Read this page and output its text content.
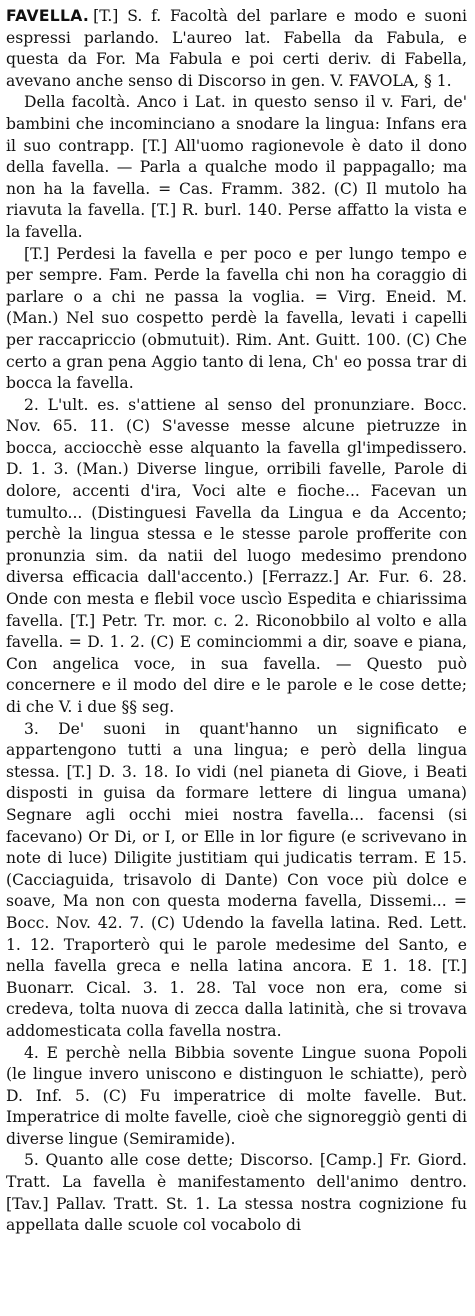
FAVELLA. [T.] S. f. Facoltà del parlare e modo e suoni espressi parlando. L'aureo lat. Fabella da Fabula, e questa da For. Ma Fabula e poi certi deriv. di Fabella, avevano anche senso di Discorso in gen. V. FAVOLA, § 1.

Della facoltà. Anco i Lat. in questo senso il v. Fari, de' bambini che incominciano a snodare la lingua: Infans era il suo contrapp. [T.] All'uomo ragionevole è dato il dono della favella. — Parla a qualche modo il pappagallo; ma non ha la favella. = Cas. Framm. 382. (C) Il mutolo ha riavuta la favella. [T.] R. burl. 140. Perse affatto la vista e la favella.

[T.] Perdesi la favella e per poco e per lungo tempo e per sempre. Fam. Perde la favella chi non ha coraggio di parlare o a chi ne passa la voglia. = Virg. Eneid. M. (Man.) Nel suo cospetto perdè la favella, levati i capelli per raccapriccio (obmutuit). Rim. Ant. Guitt. 100. (C) Che certo a gran pena Aggio tanto di lena, Ch' eo possa trar di bocca la favella.

2. L'ult. es. s'attiene al senso del pronunziare. Bocc. Nov. 65. 11. (C) S'avesse messe alcune pietruzze in bocca, acciocchè esse alquanto la favella gl'impedissero. D. 1. 3. (Man.) Diverse lingue, orribili favelle, Parole di dolore, accenti d'ira, Voci alte e fioche... Facevan un tumulto... (Distinguesi Favella da Lingua e da Accento; perchè la lingua stessa e le stesse parole profferite con pronunzia sim. da natii del luogo medesimo prendono diversa efficacia dall'accento.) [Ferrazz.] Ar. Fur. 6. 28. Onde con mesta e flebil voce uscìo Espedita e chiarissima favella. [T.] Petr. Tr. mor. c. 2. Riconobbilo al volto e alla favella. = D. 1. 2. (C) E cominciommi a dir, soave e piana, Con angelica voce, in sua favella. — Questo può concernere e il modo del dire e le parole e le cose dette; di che V. i due §§ seg.

3. De' suoni in quant'hanno un significato e appartengono tutti a una lingua; e però della lingua stessa. [T.] D. 3. 18. Io vidi (nel pianeta di Giove, i Beati disposti in guisa da formare lettere di lingua umana) Segnare agli occhi miei nostra favella... facensi (si facevano) Or Di, or I, or Elle in lor figure (e scrivevano in note di luce) Diligite justitiam qui judicatis terram. E 15. (Cacciaguida, trisavolo di Dante) Con voce più dolce e soave, Ma non con questa moderna favella, Dissemi... = Bocc. Nov. 42. 7. (C) Udendo la favella latina. Red. Lett. 1. 12. Traporterò qui le parole medesime del Santo, e nella favella greca e nella latina ancora. E 1. 18. [T.] Buonarr. Cical. 3. 1. 28. Tal voce non era, come si credeva, tolta nuova di zecca dalla latinità, che si trovava addomesticata colla favella nostra.

4. E perchè nella Bibbia sovente Lingue suona Popoli (le lingue invero uniscono e distinguon le schiatte), però D. Inf. 5. (C) Fu imperatrice di molte favelle. But. Imperatrice di molte favelle, cioè che signoreggiò genti di diverse lingue (Semiramide).

5. Quanto alle cose dette; Discorso. [Camp.] Fr. Giord. Tratt. La favella è manifestamento dell'animo dentro. [Tav.] Pallav. Tratt. St. 1. La stessa nostra cognizione fu appellata dalle scuole col vocabolo di
